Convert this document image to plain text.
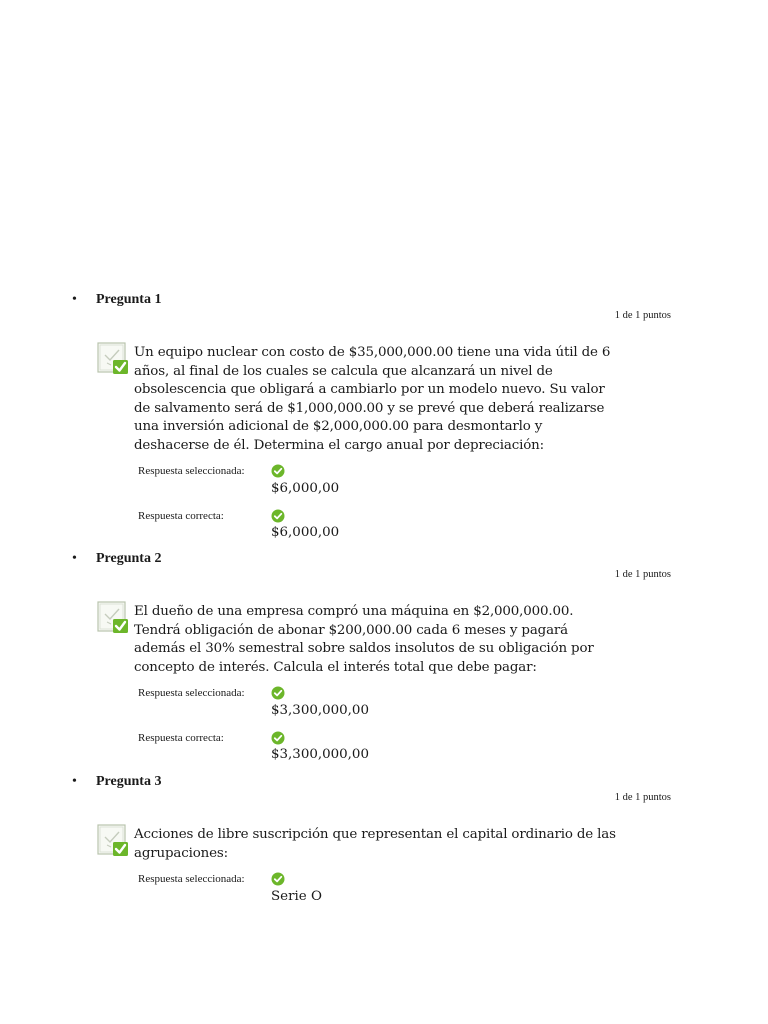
• Pregunta 1
1 de 1 puntos
Un equipo nuclear con costo de $35,000,000.00 tiene una vida útil de 6
años, al final de los cuales se calcula que alcanzará un nivel de
obsolescencia que obligará a cambiarlo por un modelo nuevo. Su valor
de salvamento será de $1,000,000.00 y se prevé que deberá realizarse
una inversión adicional de $2,000,000.00 para desmontarlo y
deshacerse de él. Determina el cargo anual por depreciación:
Respuesta seleccionada:
$6,000,00
Respuesta correcta:
$6,000,00
• Pregunta 2
1 de 1 puntos
El dueño de una empresa compró una máquina en $2,000,000.00.
Tendrá obligación de abonar $200,000.00 cada 6 meses y pagará
además el 30% semestral sobre saldos insolutos de su obligación por
concepto de interés. Calcula el interés total que debe pagar:
Respuesta seleccionada:
$3,300,000,00
Respuesta correcta:
$3,300,000,00
• Pregunta 3
1 de 1 puntos
Acciones de libre suscripción que representan el capital ordinario de las
agrupaciones:
Respuesta seleccionada:
Serie O
